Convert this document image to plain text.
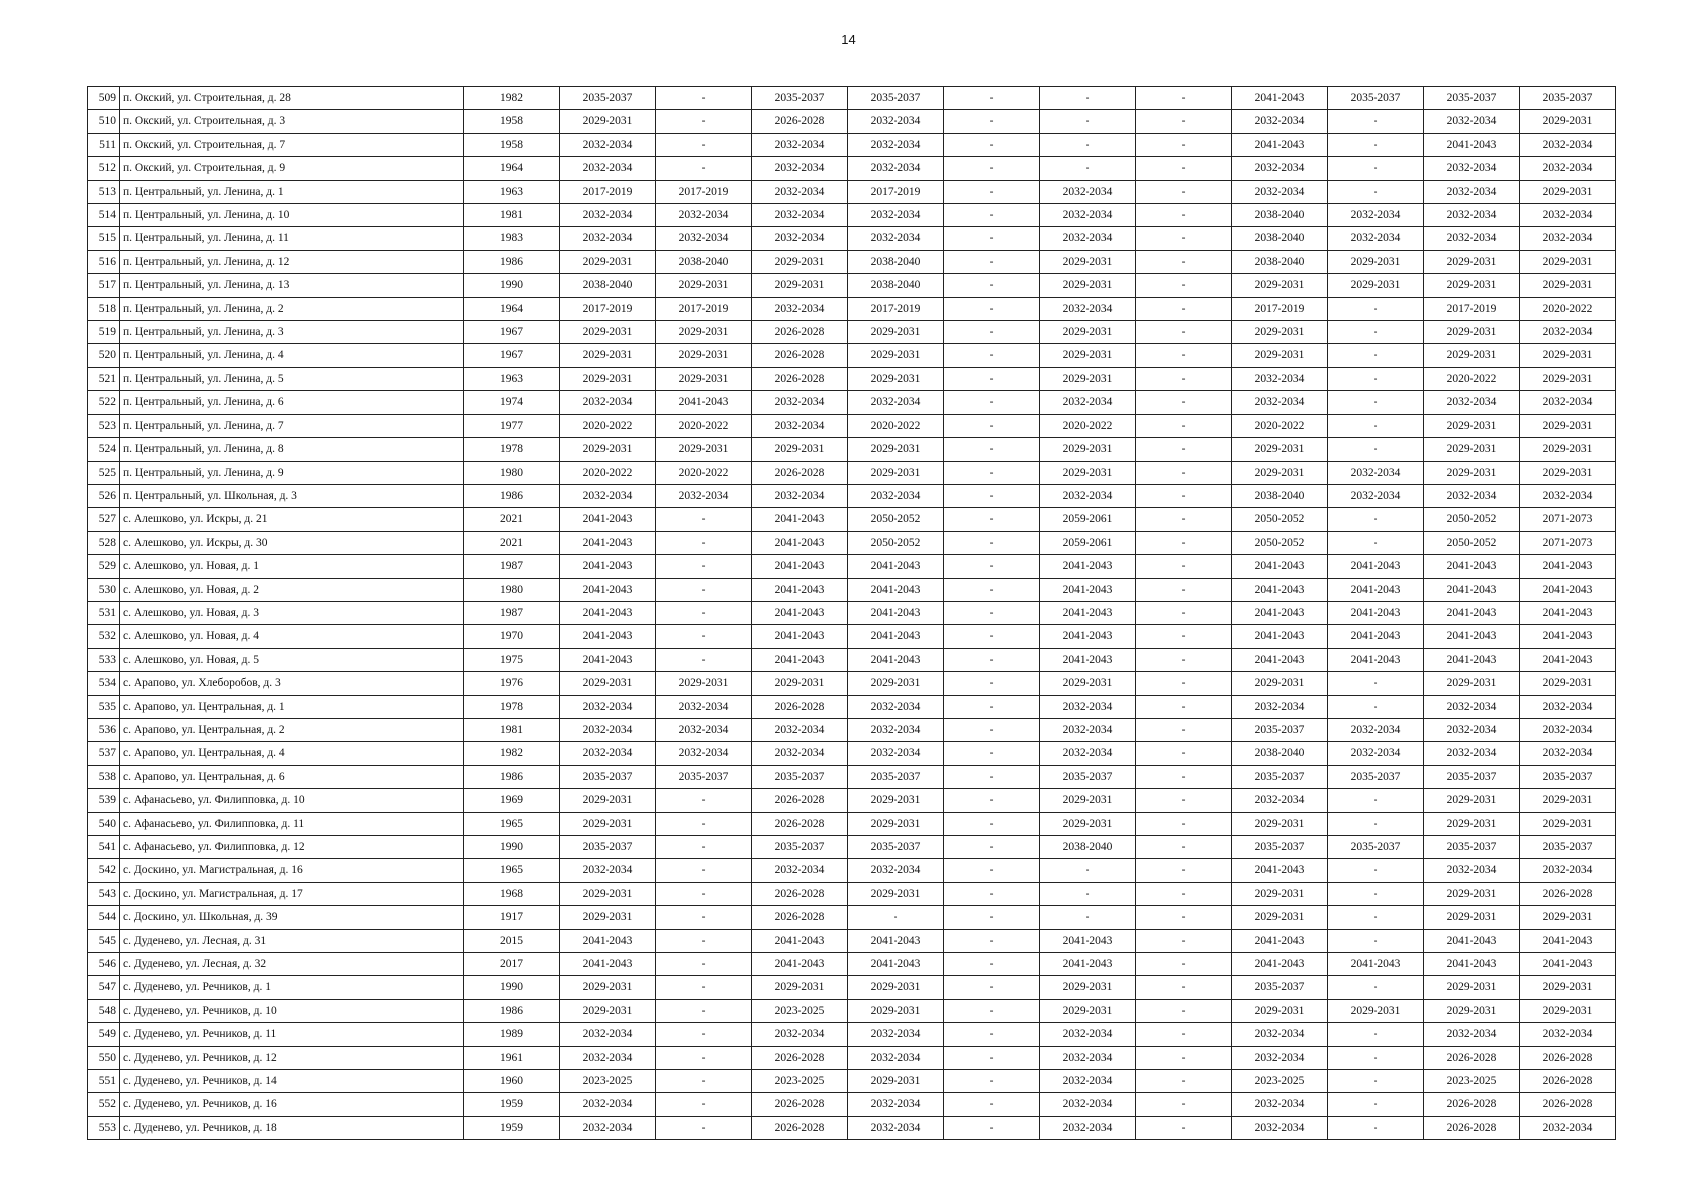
14
509	п. Окский, ул. Строительная, д. 28	1982	2035-2037	-	2035-2037	2035-2037	-	-	-	2041-2043	2035-2037	2035-2037	2035-2037
510	п. Окский, ул. Строительная, д. 3	1958	2029-2031	-	2026-2028	2032-2034	-	-	-	2032-2034	-	2032-2034	2029-2031
511	п. Окский, ул. Строительная, д. 7	1958	2032-2034	-	2032-2034	2032-2034	-	-	-	2041-2043	-	2041-2043	2032-2034
512	п. Окский, ул. Строительная, д. 9	1964	2032-2034	-	2032-2034	2032-2034	-	-	-	2032-2034	-	2032-2034	2032-2034
513	п. Центральный, ул. Ленина, д. 1	1963	2017-2019	2017-2019	2032-2034	2017-2019	-	2032-2034	-	2032-2034	-	2032-2034	2029-2031
514	п. Центральный, ул. Ленина, д. 10	1981	2032-2034	2032-2034	2032-2034	2032-2034	-	2032-2034	-	2038-2040	2032-2034	2032-2034	2032-2034
515	п. Центральный, ул. Ленина, д. 11	1983	2032-2034	2032-2034	2032-2034	2032-2034	-	2032-2034	-	2038-2040	2032-2034	2032-2034	2032-2034
516	п. Центральный, ул. Ленина, д. 12	1986	2029-2031	2038-2040	2029-2031	2038-2040	-	2029-2031	-	2038-2040	2029-2031	2029-2031	2029-2031
517	п. Центральный, ул. Ленина, д. 13	1990	2038-2040	2029-2031	2029-2031	2038-2040	-	2029-2031	-	2029-2031	2029-2031	2029-2031	2029-2031
518	п. Центральный, ул. Ленина, д. 2	1964	2017-2019	2017-2019	2032-2034	2017-2019	-	2032-2034	-	2017-2019	-	2017-2019	2020-2022
519	п. Центральный, ул. Ленина, д. 3	1967	2029-2031	2029-2031	2026-2028	2029-2031	-	2029-2031	-	2029-2031	-	2029-2031	2032-2034
520	п. Центральный, ул. Ленина, д. 4	1967	2029-2031	2029-2031	2026-2028	2029-2031	-	2029-2031	-	2029-2031	-	2029-2031	2029-2031
521	п. Центральный, ул. Ленина, д. 5	1963	2029-2031	2029-2031	2026-2028	2029-2031	-	2029-2031	-	2032-2034	-	2020-2022	2029-2031
522	п. Центральный, ул. Ленина, д. 6	1974	2032-2034	2041-2043	2032-2034	2032-2034	-	2032-2034	-	2032-2034	-	2032-2034	2032-2034
523	п. Центральный, ул. Ленина, д. 7	1977	2020-2022	2020-2022	2032-2034	2020-2022	-	2020-2022	-	2020-2022	-	2029-2031	2029-2031
524	п. Центральный, ул. Ленина, д. 8	1978	2029-2031	2029-2031	2029-2031	2029-2031	-	2029-2031	-	2029-2031	-	2029-2031	2029-2031
525	п. Центральный, ул. Ленина, д. 9	1980	2020-2022	2020-2022	2026-2028	2029-2031	-	2029-2031	-	2029-2031	2032-2034	2029-2031	2029-2031
526	п. Центральный, ул. Школьная, д. 3	1986	2032-2034	2032-2034	2032-2034	2032-2034	-	2032-2034	-	2038-2040	2032-2034	2032-2034	2032-2034
527	с. Алешково, ул. Искры, д. 21	2021	2041-2043	-	2041-2043	2050-2052	-	2059-2061	-	2050-2052	-	2050-2052	2071-2073
528	с. Алешково, ул. Искры, д. 30	2021	2041-2043	-	2041-2043	2050-2052	-	2059-2061	-	2050-2052	-	2050-2052	2071-2073
529	с. Алешково, ул. Новая, д. 1	1987	2041-2043	-	2041-2043	2041-2043	-	2041-2043	-	2041-2043	2041-2043	2041-2043	2041-2043
530	с. Алешково, ул. Новая, д. 2	1980	2041-2043	-	2041-2043	2041-2043	-	2041-2043	-	2041-2043	2041-2043	2041-2043	2041-2043
531	с. Алешково, ул. Новая, д. 3	1987	2041-2043	-	2041-2043	2041-2043	-	2041-2043	-	2041-2043	2041-2043	2041-2043	2041-2043
532	с. Алешково, ул. Новая, д. 4	1970	2041-2043	-	2041-2043	2041-2043	-	2041-2043	-	2041-2043	2041-2043	2041-2043	2041-2043
533	с. Алешково, ул. Новая, д. 5	1975	2041-2043	-	2041-2043	2041-2043	-	2041-2043	-	2041-2043	2041-2043	2041-2043	2041-2043
534	с. Арапово, ул. Хлеборобов, д. 3	1976	2029-2031	2029-2031	2029-2031	2029-2031	-	2029-2031	-	2029-2031	-	2029-2031	2029-2031
535	с. Арапово, ул. Центральная, д. 1	1978	2032-2034	2032-2034	2026-2028	2032-2034	-	2032-2034	-	2032-2034	-	2032-2034	2032-2034
536	с. Арапово, ул. Центральная, д. 2	1981	2032-2034	2032-2034	2032-2034	2032-2034	-	2032-2034	-	2035-2037	2032-2034	2032-2034	2032-2034
537	с. Арапово, ул. Центральная, д. 4	1982	2032-2034	2032-2034	2032-2034	2032-2034	-	2032-2034	-	2038-2040	2032-2034	2032-2034	2032-2034
538	с. Арапово, ул. Центральная, д. 6	1986	2035-2037	2035-2037	2035-2037	2035-2037	-	2035-2037	-	2035-2037	2035-2037	2035-2037	2035-2037
539	с. Афанасьево, ул. Филипповка, д. 10	1969	2029-2031	-	2026-2028	2029-2031	-	2029-2031	-	2032-2034	-	2029-2031	2029-2031
540	с. Афанасьево, ул. Филипповка, д. 11	1965	2029-2031	-	2026-2028	2029-2031	-	2029-2031	-	2029-2031	-	2029-2031	2029-2031
541	с. Афанасьево, ул. Филипповка, д. 12	1990	2035-2037	-	2035-2037	2035-2037	-	2038-2040	-	2035-2037	2035-2037	2035-2037	2035-2037
542	с. Доскино, ул. Магистральная, д. 16	1965	2032-2034	-	2032-2034	2032-2034	-	-	-	2041-2043	-	2032-2034	2032-2034
543	с. Доскино, ул. Магистральная, д. 17	1968	2029-2031	-	2026-2028	2029-2031	-	-	-	2029-2031	-	2029-2031	2026-2028
544	с. Доскино, ул. Школьная, д. 39	1917	2029-2031	-	2026-2028	-	-	-	-	2029-2031	-	2029-2031	2029-2031
545	с. Дуденево, ул. Лесная, д. 31	2015	2041-2043	-	2041-2043	2041-2043	-	2041-2043	-	2041-2043	-	2041-2043	2041-2043
546	с. Дуденево, ул. Лесная, д. 32	2017	2041-2043	-	2041-2043	2041-2043	-	2041-2043	-	2041-2043	2041-2043	2041-2043	2041-2043
547	с. Дуденево, ул. Речников, д. 1	1990	2029-2031	-	2029-2031	2029-2031	-	2029-2031	-	2035-2037	-	2029-2031	2029-2031
548	с. Дуденево, ул. Речников, д. 10	1986	2029-2031	-	2023-2025	2029-2031	-	2029-2031	-	2029-2031	2029-2031	2029-2031	2029-2031
549	с. Дуденево, ул. Речников, д. 11	1989	2032-2034	-	2032-2034	2032-2034	-	2032-2034	-	2032-2034	-	2032-2034	2032-2034
550	с. Дуденево, ул. Речников, д. 12	1961	2032-2034	-	2026-2028	2032-2034	-	2032-2034	-	2032-2034	-	2026-2028	2026-2028
551	с. Дуденево, ул. Речников, д. 14	1960	2023-2025	-	2023-2025	2029-2031	-	2032-2034	-	2023-2025	-	2023-2025	2026-2028
552	с. Дуденево, ул. Речников, д. 16	1959	2032-2034	-	2026-2028	2032-2034	-	2032-2034	-	2032-2034	-	2026-2028	2026-2028
553	с. Дуденево, ул. Речников, д. 18	1959	2032-2034	-	2026-2028	2032-2034	-	2032-2034	-	2032-2034	-	2026-2028	2032-2034
